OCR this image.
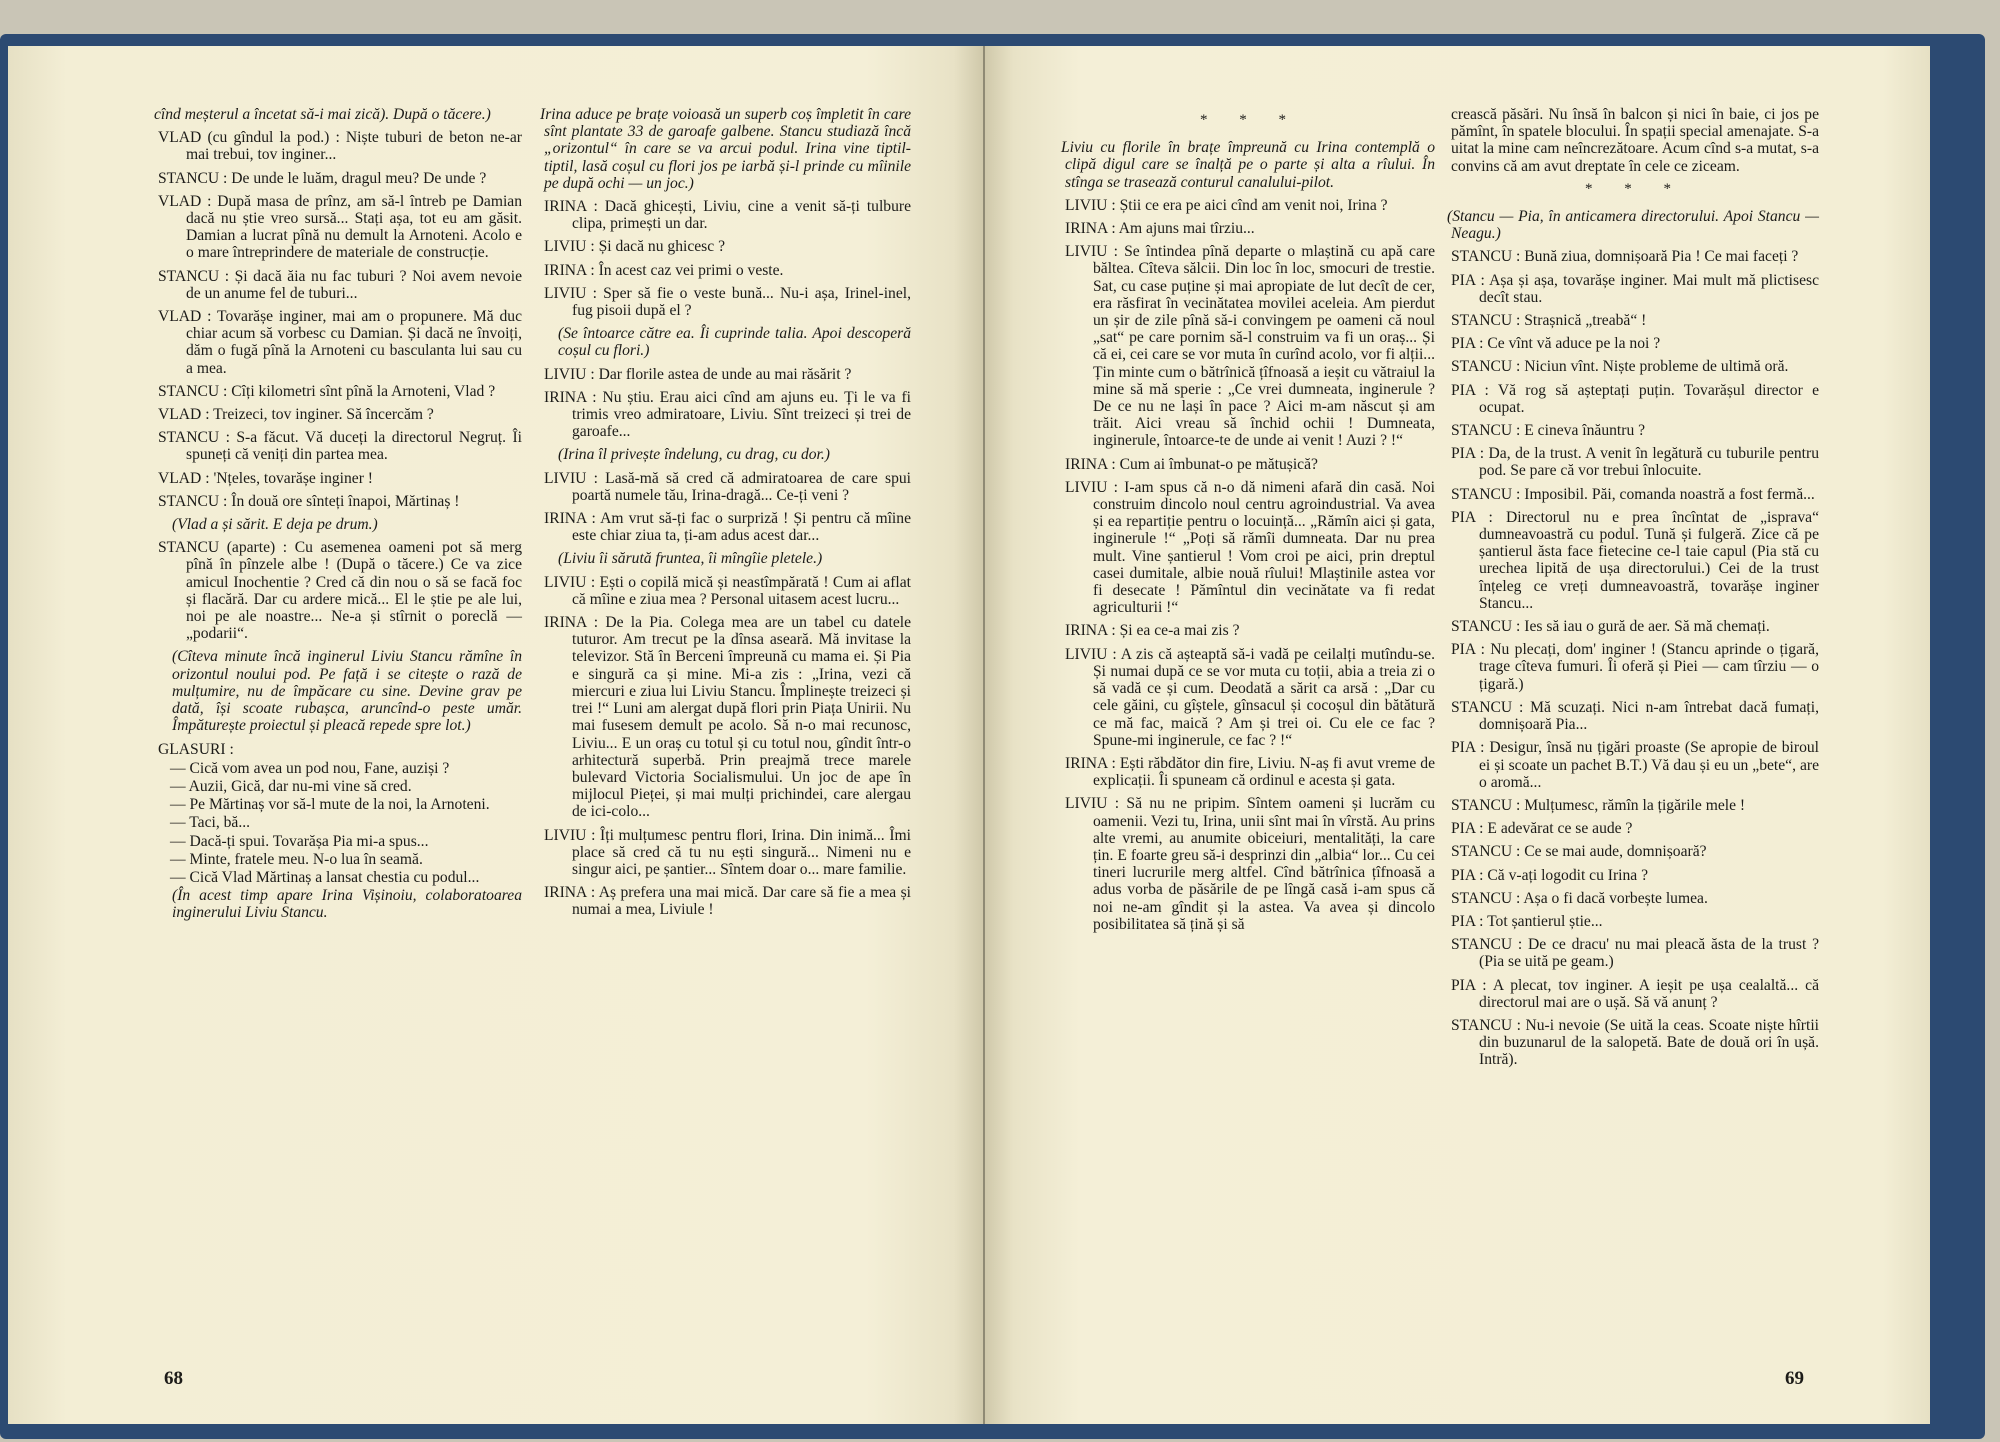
cînd meșterul a încetat să-i mai zică). După o tăcere.)

VLAD (cu gîndul la pod.) : Niște tuburi de beton ne-ar mai trebui, tov inginer...

STANCU : De unde le luăm, dragul meu? De unde ?

VLAD : După masa de prînz, am să-l întreb pe Damian dacă nu știe vreo sursă... Stați așa, tot eu am găsit. Damian a lucrat pînă nu demult la Arnoteni. Acolo e o mare întreprindere de materiale de construcție.

STANCU : Și dacă ăia nu fac tuburi ? Noi avem nevoie de un anume fel de tuburi...

VLAD : Tovarășe inginer, mai am o propunere. Mă duc chiar acum să vorbesc cu Damian. Și dacă ne învoiți, dăm o fugă pînă la Arnoteni cu basculanta lui sau cu a mea.

STANCU : Cîți kilometri sînt pînă la Arnoteni, Vlad ?

VLAD : Treizeci, tov inginer. Să încercăm ?

STANCU : S-a făcut. Vă duceți la directorul Negruț. Îi spuneți că veniți din partea mea.

VLAD : 'Nțeles, tovarășe inginer !

STANCU : În două ore sînteți înapoi, Mărtinaș !

(Vlad a și sărit. E deja pe drum.)

STANCU (aparte) : Cu asemenea oameni pot să merg pînă în pînzele albe ! (După o tăcere.) Ce va zice amicul Inochentie ? Cred că din nou o să se facă foc și flacără. Dar cu ardere mică... El le știe pe ale lui, noi pe ale noastre... Ne-a și stîrnit o poreclă — „podarii“.

(Cîteva minute încă inginerul Liviu Stancu rămîne în orizontul noului pod. Pe față i se citește o rază de mulțumire, nu de împăcare cu sine. Devine grav pe dată, își scoate rubașca, aruncînd-o peste umăr. Împăturește proiectul și pleacă repede spre lot.)

GLASURI :

— Cică vom avea un pod nou, Fane, auziși ?

— Auzii, Gică, dar nu-mi vine să cred.

— Pe Mărtinaș vor să-l mute de la noi, la Arnoteni.

— Taci, bă...

— Dacă-ți spui. Tovarășa Pia mi-a spus...

— Minte, fratele meu. N-o lua în seamă.

— Cică Vlad Mărtinaș a lansat chestia cu podul...

(În acest timp apare Irina Vișinoiu, colaboratoarea inginerului Liviu Stancu.

Irina aduce pe brațe voioasă un superb coș împletit în care sînt plantate 33 de garoafe galbene. Stancu studiază încă „orizontul“ în care se va arcui podul. Irina vine tiptil-tiptil, lasă coșul cu flori jos pe iarbă și-l prinde cu mîinile pe după ochi — un joc.)

IRINA : Dacă ghicești, Liviu, cine a venit să-ți tulbure clipa, primești un dar.

LIVIU : Și dacă nu ghicesc ?

IRINA : În acest caz vei primi o veste.

LIVIU : Sper să fie o veste bună... Nu-i așa, Irinel-inel, fug pisoii după el ?

(Se întoarce către ea. Îi cuprinde talia. Apoi descoperă coșul cu flori.)

LIVIU : Dar florile astea de unde au mai răsărit ?

IRINA : Nu știu. Erau aici cînd am ajuns eu. Ți le va fi trimis vreo admiratoare, Liviu. Sînt treizeci și trei de garoafe...

(Irina îl privește îndelung, cu drag, cu dor.)

LIVIU : Lasă-mă să cred că admiratoarea de care spui poartă numele tău, Irina-dragă... Ce-ți veni ?

IRINA : Am vrut să-ți fac o surpriză ! Și pentru că mîine este chiar ziua ta, ți-am adus acest dar...

(Liviu îi sărută fruntea, îi mîngîie pletele.)

LIVIU : Ești o copilă mică și neastîmpărată ! Cum ai aflat că mîine e ziua mea ? Personal uitasem acest lucru...

IRINA : De la Pia. Colega mea are un tabel cu datele tuturor. Am trecut pe la dînsa aseară. Mă invitase la televizor. Stă în Berceni împreună cu mama ei. Și Pia e singură ca și mine. Mi-a zis : „Irina, vezi că miercuri e ziua lui Liviu Stancu. Împlinește treizeci și trei !“ Luni am alergat după flori prin Piața Unirii. Nu mai fusesem demult pe acolo. Să n-o mai recunosc, Liviu... E un oraș cu totul și cu totul nou, gîndit într-o arhitectură superbă. Prin preajmă trece marele bulevard Victoria Socialismului. Un joc de ape în mijlocul Pieței, și mai mulți prichindei, care alergau de ici-colo...

LIVIU : Îți mulțumesc pentru flori, Irina. Din inimă... Îmi place să cred că tu nu ești singură... Nimeni nu e singur aici, pe șantier... Sîntem doar o... mare familie.

IRINA : Aș prefera una mai mică. Dar care să fie a mea și numai a mea, Liviule !

68

* * *

Liviu cu florile în brațe împreună cu Irina contemplă o clipă digul care se înalță pe o parte și alta a rîului. În stînga se trasează conturul canalului-pilot.

LIVIU : Știi ce era pe aici cînd am venit noi, Irina ?

IRINA : Am ajuns mai tîrziu...

LIVIU : Se întindea pînă departe o mlaștină cu apă care băltea. Cîteva sălcii. Din loc în loc, smocuri de trestie. Sat, cu case puține și mai apropiate de lut decît de cer, era răsfirat în vecinătatea movilei aceleia. Am pierdut un șir de zile pînă să-i convingem pe oameni că noul „sat“ pe care pornim să-l construim va fi un oraș... Și că ei, cei care se vor muta în curînd acolo, vor fi alții... Țin minte cum o bătrînică țîfnoasă a ieșit cu vătraiul la mine să mă sperie : „Ce vrei dumneata, inginerule ? De ce nu ne lași în pace ? Aici m-am născut și am trăit. Aici vreau să închid ochii ! Dumneata, inginerule, întoarce-te de unde ai venit ! Auzi ? !“

IRINA : Cum ai îmbunat-o pe mătușică?

LIVIU : I-am spus că n-o dă nimeni afară din casă. Noi construim dincolo noul centru agroindustrial. Va avea și ea repartiție pentru o locuință... „Rămîn aici și gata, inginerule !“ „Poți să rămîi dumneata. Dar nu prea mult. Vine șantierul ! Vom croi pe aici, prin dreptul casei dumitale, albie nouă rîului! Mlaștinile astea vor fi desecate ! Pămîntul din vecinătate va fi redat agriculturii !“

IRINA : Și ea ce-a mai zis ?

LIVIU : A zis că așteaptă să-i vadă pe ceilalți mutîndu-se. Și numai după ce se vor muta cu toții, abia a treia zi o să vadă ce și cum. Deodată a sărit ca arsă : „Dar cu cele găini, cu gîștele, gînsacul și cocoșul din bătătură ce mă fac, maică ? Am și trei oi. Cu ele ce fac ? Spune-mi inginerule, ce fac ? !“

IRINA : Ești răbdător din fire, Liviu. N-aș fi avut vreme de explicații. Îi spuneam că ordinul e acesta și gata.

LIVIU : Să nu ne pripim. Sîntem oameni și lucrăm cu oamenii. Vezi tu, Irina, unii sînt mai în vîrstă. Au prins alte vremi, au anumite obiceiuri, mentalități, la care țin. E foarte greu să-i desprinzi din „albia“ lor... Cu cei tineri lucrurile merg altfel. Cînd bătrînica țîfnoasă a adus vorba de păsările de pe lîngă casă i-am spus că noi ne-am gîndit și la astea. Va avea și dincolo posibilitatea să țină și să

crească păsări. Nu însă în balcon și nici în baie, ci jos pe pămînt, în spatele blocului. În spații special amenajate. S-a uitat la mine cam neîncrezătoare. Acum cînd s-a mutat, s-a convins că am avut dreptate în cele ce ziceam.

* * *

(Stancu — Pia, în anticamera directorului. Apoi Stancu — Neagu.)

STANCU : Bună ziua, domnișoară Pia ! Ce mai faceți ?

PIA : Așa și așa, tovarășe inginer. Mai mult mă plictisesc decît stau.

STANCU : Strașnică „treabă“ !

PIA : Ce vînt vă aduce pe la noi ?

STANCU : Niciun vînt. Niște probleme de ultimă oră.

PIA : Vă rog să așteptați puțin. Tovarășul director e ocupat.

STANCU : E cineva înăuntru ?

PIA : Da, de la trust. A venit în legătură cu tuburile pentru pod. Se pare că vor trebui înlocuite.

STANCU : Imposibil. Păi, comanda noastră a fost fermă...

PIA : Directorul nu e prea încîntat de „isprava“ dumneavoastră cu podul. Tună și fulgeră. Zice că pe șantierul ăsta face fietecine ce-l taie capul (Pia stă cu urechea lipită de ușa directorului.) Cei de la trust înțeleg ce vreți dumneavoastră, tovarășe inginer Stancu...

STANCU : Ies să iau o gură de aer. Să mă chemați.

PIA : Nu plecați, dom' inginer ! (Stancu aprinde o țigară, trage cîteva fumuri. Îi oferă și Piei — cam tîrziu — o țigară.)

STANCU : Mă scuzați. Nici n-am întrebat dacă fumați, domnișoară Pia...

PIA : Desigur, însă nu țigări proaste (Se apropie de biroul ei și scoate un pachet B.T.) Vă dau și eu un „bete“, are o aromă...

STANCU : Mulțumesc, rămîn la țigările mele !

PIA : E adevărat ce se aude ?

STANCU : Ce se mai aude, domnișoară?

PIA : Că v-ați logodit cu Irina ?

STANCU : Așa o fi dacă vorbește lumea.

PIA : Tot șantierul știe...

STANCU : De ce dracu' nu mai pleacă ăsta de la trust ? (Pia se uită pe geam.)

PIA : A plecat, tov inginer. A ieșit pe ușa cealaltă... că directorul mai are o ușă. Să vă anunț ?

STANCU : Nu-i nevoie (Se uită la ceas. Scoate niște hîrtii din buzunarul de la salopetă. Bate de două ori în ușă. Intră).

69
